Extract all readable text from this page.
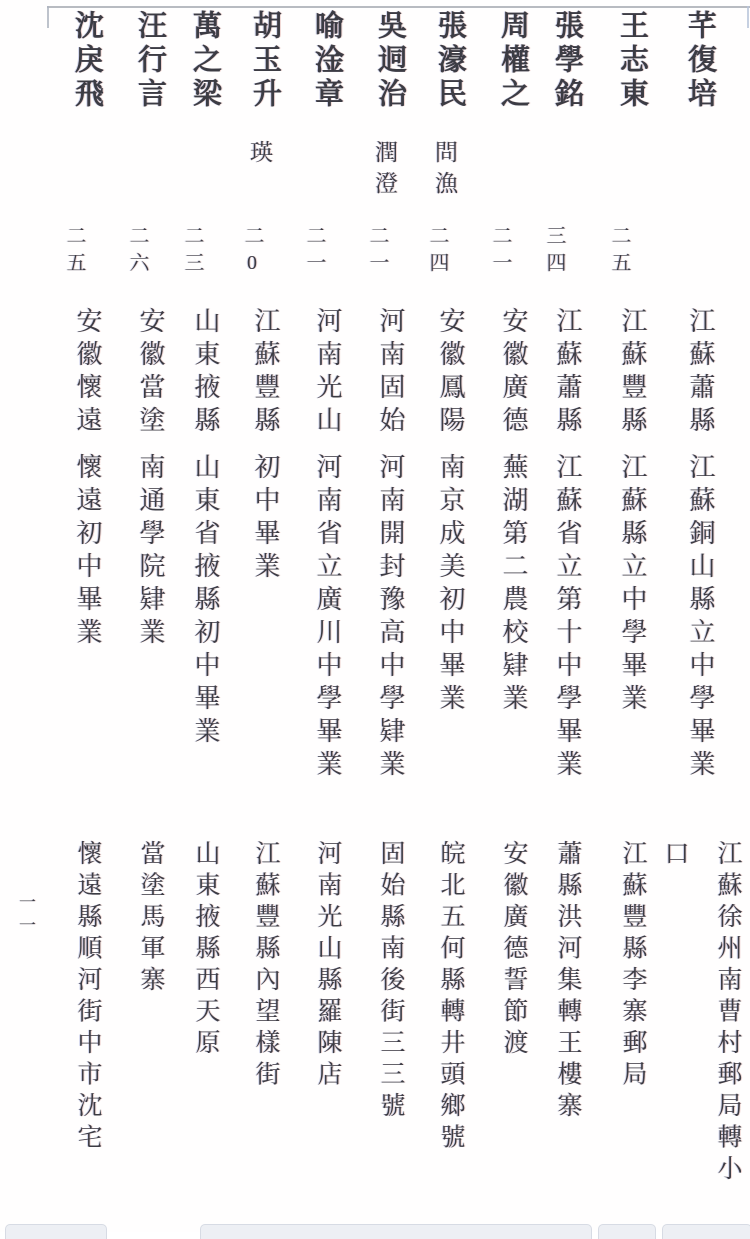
芊復培
江蘇蕭縣江蘇銅山縣立中學畢業
江蘇徐州南曹村郵局轉小口
王志東
二五
江蘇豐縣江蘇縣立中學畢業
江蘇豐縣李寨郵局
張學銘
三四
江蘇蕭縣江蘇省立第十中學畢業
蕭縣洪河集轉王樓寨
周權之
二一
安徽廣德蕪湖第二農校肄業
安徽廣德誓節渡
張濠民
問漁
二四
安徽鳳陽南京成美初中畢業
皖北五何縣轉井頭鄉號
吳迵治
潤澄
二一
河南固始河南開封豫高中學肄業
固始縣南後街三三號
喻淦章
二一
河南光山河南省立廣川中學畢業
河南光山縣羅陳店
胡玉升
瑛
二0
江蘇豐縣初中畢業
江蘇豐縣內望樣街
萬之梁
二三
山東掖縣山東省掖縣初中畢業
山東掖縣西天原
汪行言
二六
安徽當塗南通學院肄業
當塗馬軍寨
沈戾飛
二五
安徽懷遠懷遠初中畢業
懷遠縣順河街中市沈宅
一一
